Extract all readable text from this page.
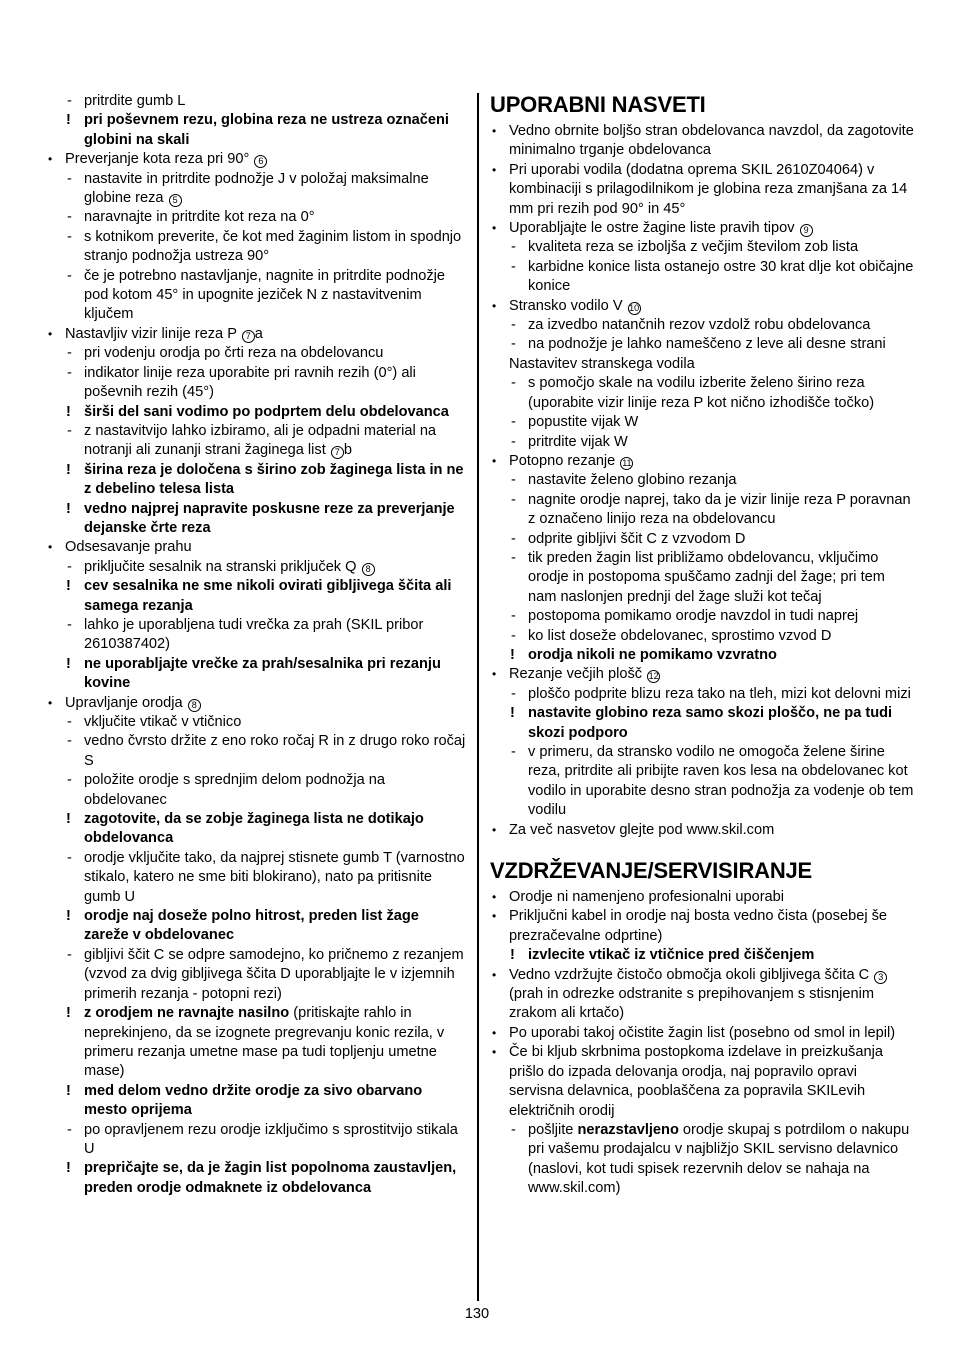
- pritrdite gumb L
! pri poševnem rezu, globina reza ne ustreza označeni globini na skali
• Preverjanje kota reza pri 90° 6
- nastavite in pritrdite podnožje J v položaj maksimalne globine reza 5
- naravnajte in pritrdite kot reza na 0°
- s kotnikom preverite, če kot med žaginim listom in spodnjo stranjo podnožja ustreza 90°
- če je potrebno nastavljanje, nagnite in pritrdite podnožje pod kotom 45° in upognite jeziček N z nastavitvenim ključem
• Nastavljiv vizir linije reza P 7 a
- pri vodenju orodja po črti reza na obdelovancu
- indikator linije reza uporabite pri ravnih rezih (0°) ali poševnih rezih (45°)
! širši del sani vodimo po podprtem delu obdelovanca
- z nastavitvijo lahko izbiramo, ali je odpadni material na notranji ali zunanji strani žaginega list 7 b
! širina reza je določena s širino zob žaginega lista in ne z debelino telesa lista
! vedno najprej napravite poskusne reze za preverjanje dejanske črte reza
• Odsesavanje prahu
- priključite sesalnik na stranski priključek Q 8
! cev sesalnika ne sme nikoli ovirati gibljivega ščita ali samega rezanja
- lahko je uporabljena tudi vrečka za prah (SKIL pribor 2610387402)
! ne uporabljajte vrečke za prah/sesalnika pri rezanju kovine
• Upravljanje orodja 8
- vključite vtikač v vtičnico
- vedno čvrsto držite z eno roko ročaj R in z drugo roko ročaj S
- položite orodje s sprednjim delom podnožja na obdelovanec
! zagotovite, da se zobje žaginega lista ne dotikajo obdelovanca
- orodje vključite tako, da najprej stisnete gumb T (varnostno stikalo, katero ne sme biti blokirano), nato pa pritisnite gumb U
! orodje naj doseže polno hitrost, preden list žage zareže v obdelovanec
- gibljivi ščit C se odpre samodejno, ko pričnemo z rezanjem (vzvod za dvig gibljivega ščita D uporabljajte le v izjemnih primerih rezanja - potopni rezi)
! z orodjem ne ravnajte nasilno (pritiskajte rahlo in neprekinjeno, da se izognete pregrevanju konic rezila, v primeru rezanja umetne mase pa tudi topljenju umetne mase)
! med delom vedno držite orodje za sivo obarvano mesto oprijema
- po opravljenem rezu orodje izključimo s sprostitvijo stikala U
! prepričajte se, da je žagin list popolnoma zaustavljen, preden orodje odmaknete iz obdelovanca
UPORABNI NASVETI
• Vedno obrnite boljšo stran obdelovanca navzdol, da zagotovite minimalno trganje obdelovanca
• Pri uporabi vodila (dodatna oprema SKIL 2610Z04064) v kombinaciji s prilagodilnikom je globina reza zmanjšana za 14 mm pri rezih pod 90° in 45°
• Uporabljajte le ostre žagine liste pravih tipov 9
- kvaliteta reza se izboljša z večjim številom zob lista
- karbidne konice lista ostanejo ostre 30 krat dlje kot običajne konice
• Stransko vodilo V 10
- za izvedbo natančnih rezov vzdolž robu obdelovanca
- na podnožje je lahko nameščeno z leve ali desne strani
Nastavitev stranskega vodila
- s pomočjo skale na vodilu izberite želeno širino reza (uporabite vizir linije reza P kot nično izhodišče točko)
- popustite vijak W
- pritrdite vijak W
• Potopno rezanje 11
- nastavite želeno globino rezanja
- nagnite orodje naprej, tako da je vizir linije reza P poravnan z označeno linijo reza na obdelovancu
- odprite gibljivi ščit C z vzvodom D
- tik preden žagin list približamo obdelovancu, vključimo orodje in postopoma spuščamo zadnji del žage; pri tem nam naslonjen prednji del žage služi kot tečaj
- postopoma pomikamo orodje navzdol in tudi naprej
- ko list doseže obdelovanec, sprostimo vzvod D
! orodja nikoli ne pomikamo vzvratno
• Rezanje večjih plošč 12
- ploščo podprite blizu reza tako na tleh, mizi kot delovni mizi
! nastavite globino reza samo skozi ploščo, ne pa tudi skozi podporo
- v primeru, da stransko vodilo ne omogoča želene širine reza, pritrdite ali pribijte raven kos lesa na obdelovanec kot vodilo in uporabite desno stran podnožja za vodenje ob tem vodilu
• Za več nasvetov glejte pod www.skil.com
VZDRŽEVANJE/SERVISIRANJE
• Orodje ni namenjeno profesionalni uporabi
• Priključni kabel in orodje naj bosta vedno čista (posebej še prezračevalne odprtine)
! izvlecite vtikač iz vtičnice pred čiščenjem
• Vedno vzdržujte čistočo območja okoli gibljivega ščita C 3 (prah in odrezke odstranite s prepihovanjem s stisnjenim zrakom ali krtačo)
• Po uporabi takoj očistite žagin list (posebno od smol in lepil)
• Če bi kljub skrbnima postopkoma izdelave in preizkušanja prišlo do izpada delovanja orodja, naj popravilo opravi servisna delavnica, pooblaščena za popravila SKILevih električnih orodij
- pošljite nerazstavljeno orodje skupaj s potrdilom o nakupu pri vašemu prodajalcu v najbližjo SKIL servisno delavnico (naslovi, kot tudi spisek rezervnih delov se nahaja na www.skil.com)
130
